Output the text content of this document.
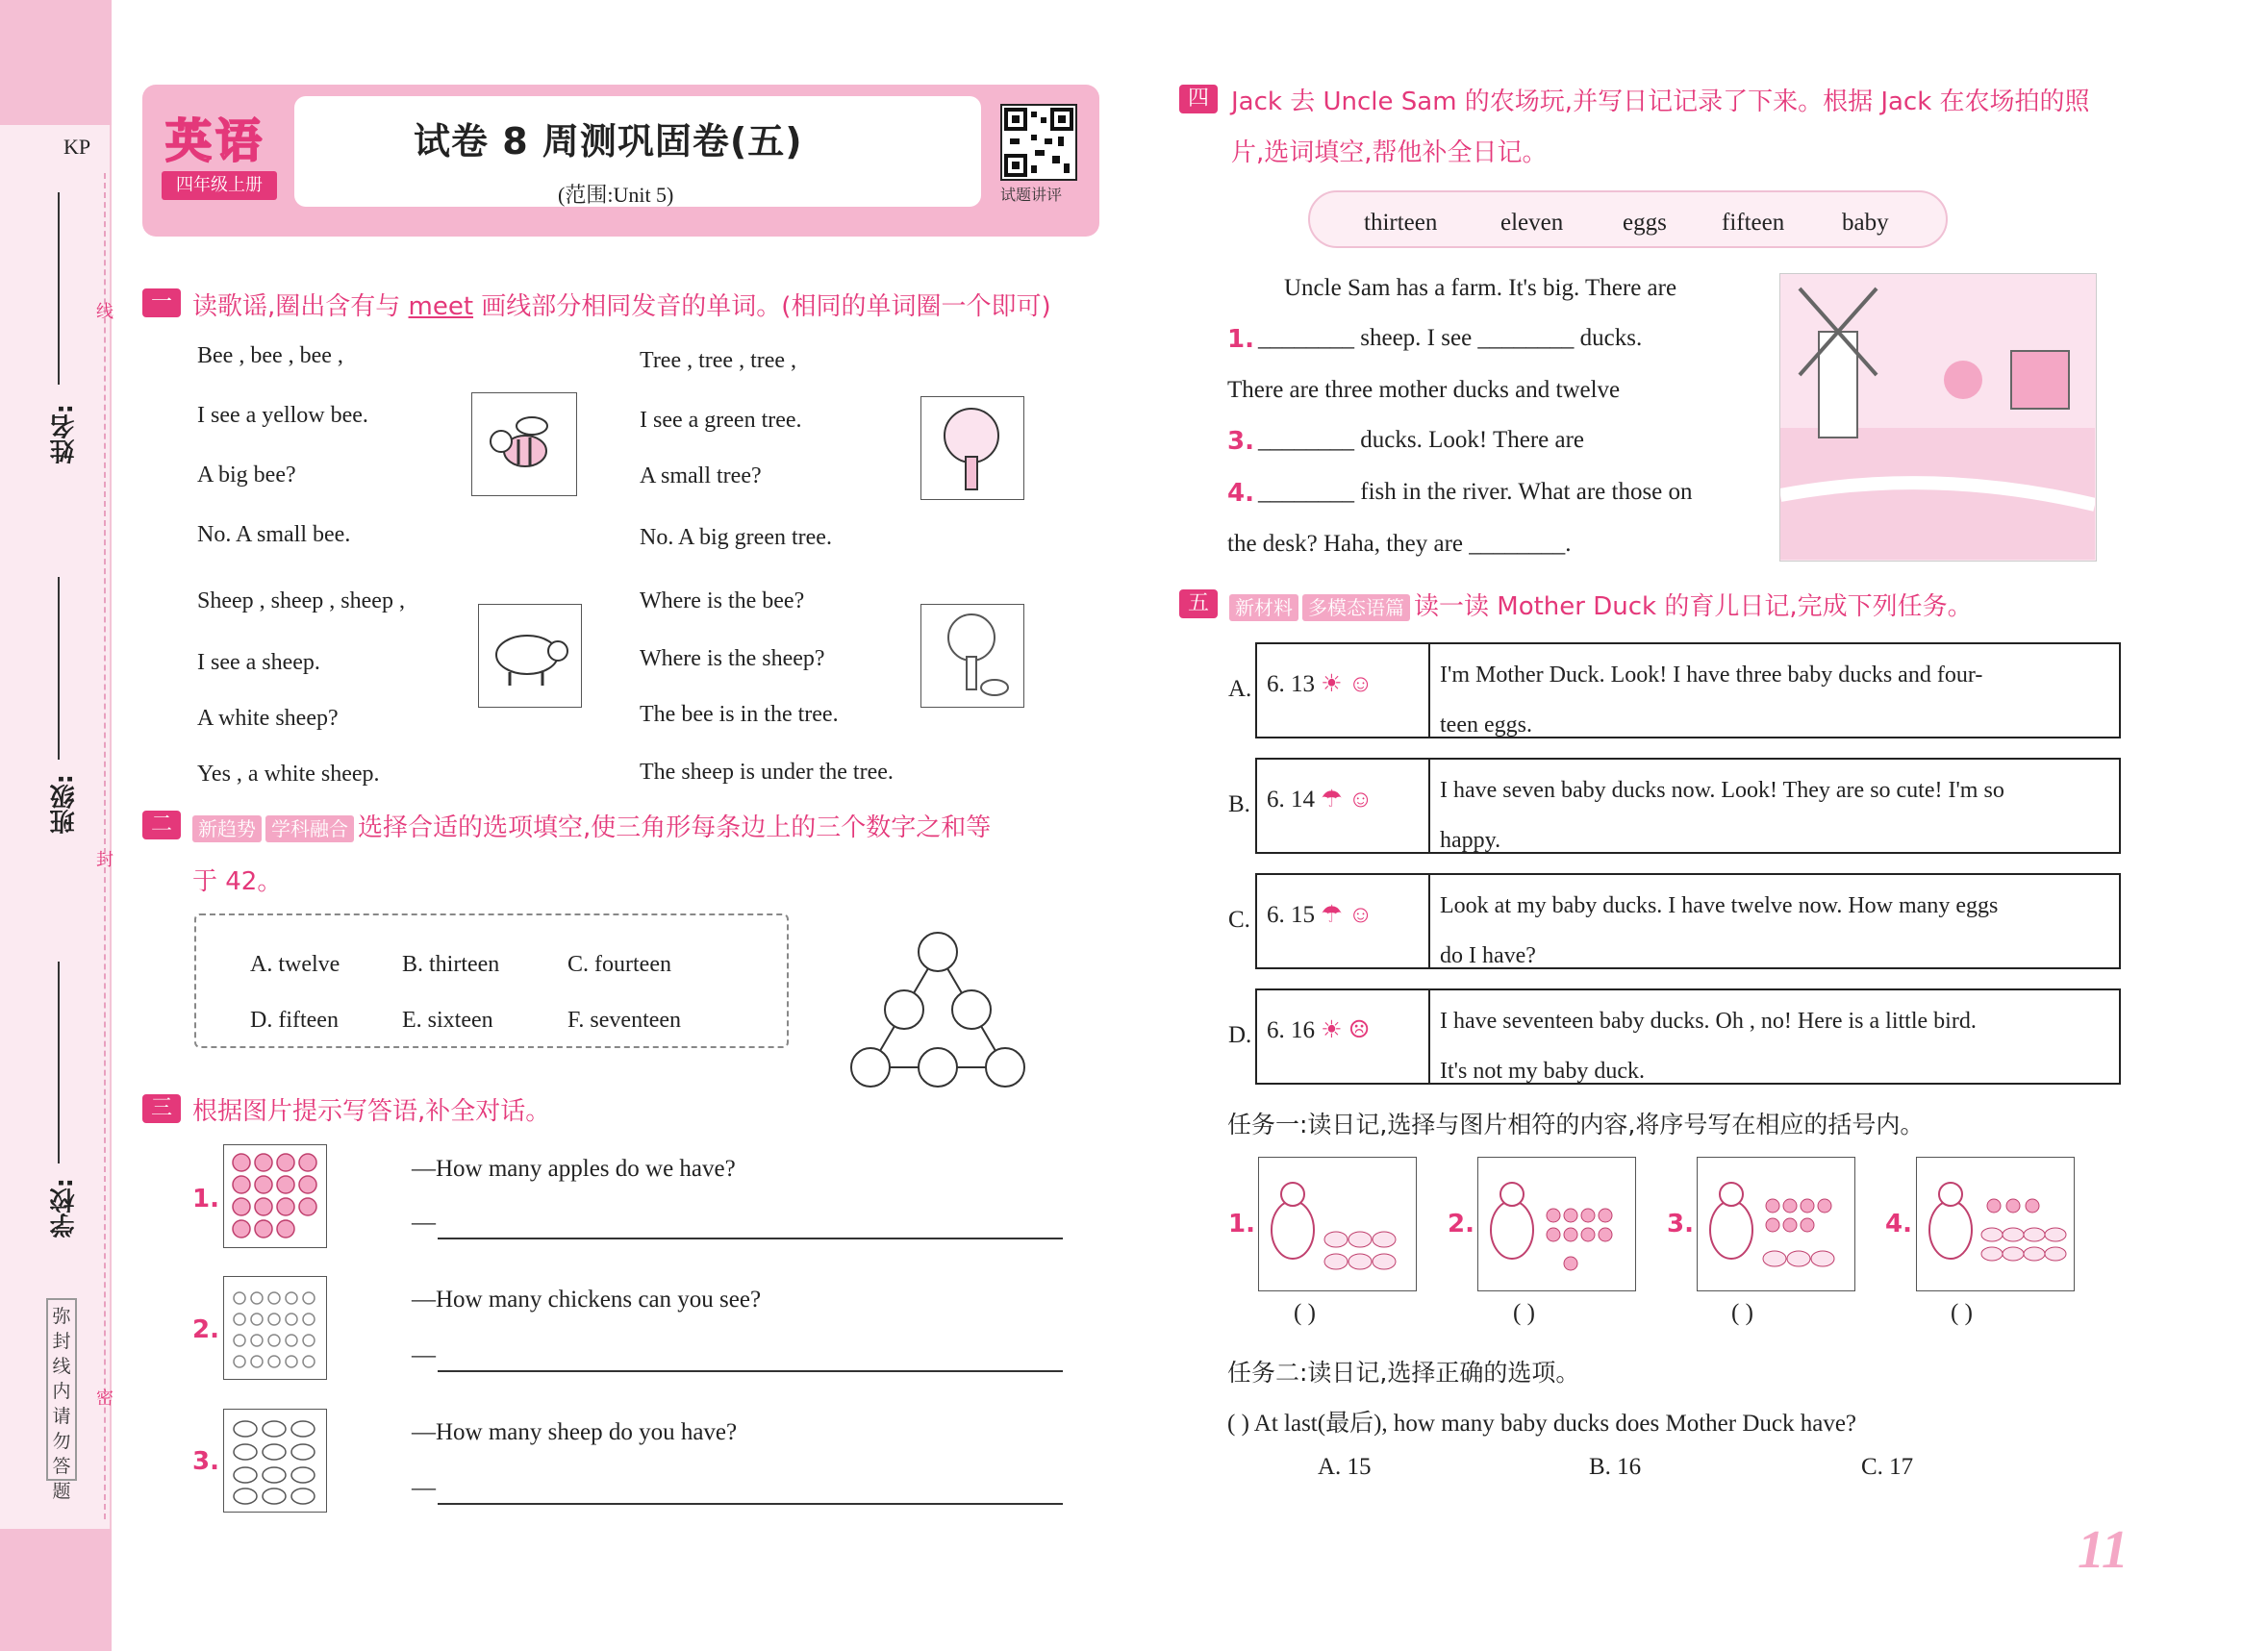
KP
姓名:
班级:
学校:
线
封
密
弥封线内请勿答题
英语
四年级上册
试卷 8 周测巩固卷(五)
(范围:Unit 5)	试题讲评
一 读歌谣,圈出含有与 meet 画线部分相同发音的单词。(相同的单词圈一个即可)
Bee , bee , bee ,
I see a yellow bee.
A big bee?
No. A small bee.
Tree , tree , tree ,
I see a green tree.
A small tree?
No. A big green tree.
Sheep , sheep , sheep ,
I see a sheep.
A white sheep?
Yes , a white sheep.
Where is the bee?
Where is the sheep?
The bee is in the tree.
The sheep is under the tree.
二	新趋势 学科融合 选择合适的选项填空,使三角形每条边上的三个数字之和等
于 42。
A. twelve	B. thirteen	C. fourteen
D. fifteen	E. sixteen	F. seventeen
三 根据图片提示写答语,补全对话。
1.
—How many apples do we have?
—
2.
—How many chickens can you see?
—
3.
—How many sheep do you have?
—
四 Jack 去 Uncle Sam 的农场玩,并写日记记录了下来。根据 Jack 在农场拍的照
片,选词填空,帮他补全日记。
thirteen	eleven eggs fifteen baby
Uncle Sam has a farm. It's big. There are
1. ________ sheep. I see ________ ducks.
There are three mother ducks and twelve
3. ________ ducks. Look! There are
4. ________ fish in the river. What are those on
the desk? Haha, they are ________.
五	新材料 多模态语篇 读一读 Mother Duck 的育儿日记,完成下列任务。
A. 6. 13 ☀ ☺	I'm Mother Duck. Look! I have three baby ducks and four-
teen eggs.
B. 6. 14 ☂ ☺	I have seven baby ducks now. Look! They are so cute! I'm so
happy.
C. 6. 15 ☂ ☺	Look at my baby ducks. I have twelve now. How many eggs
do I have?
D. 6. 16 ☀ ☹	I have seventeen baby ducks. Oh , no! Here is a little bird.
It's not my baby duck.
任务一:读日记,选择与图片相符的内容,将序号写在相应的括号内。
1.
( )
2.
( )
3.
( )
4.
( )
任务二:读日记,选择正确的选项。
( ) At last(最后), how many baby ducks does Mother Duck have?
A. 15	B. 16	C. 17
11
